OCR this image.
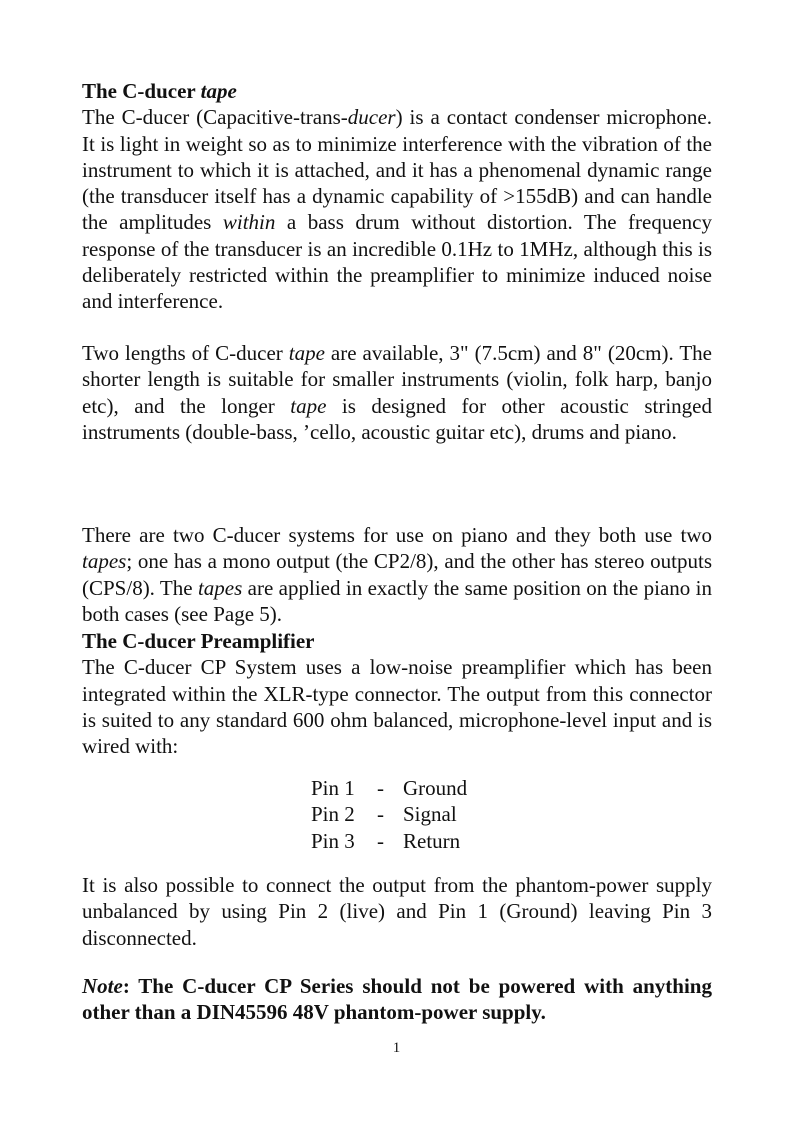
The C-ducer tape

The C-ducer (Capacitive-trans-ducer) is a contact condenser microphone. It is light in weight so as to minimize interference with the vibration of the instrument to which it is attached, and it has a phenomenal dynamic range (the transducer itself has a dynamic capability of >155dB) and can handle the amplitudes within a bass drum without distortion. The frequency response of the transducer is an incredible 0.1Hz to 1MHz, although this is deliberately restricted within the preamplifier to minimize induced noise and interference.

Two lengths of C-ducer tape are available, 3" (7.5cm) and 8" (20cm). The shorter length is suitable for smaller instruments (violin, folk harp, banjo etc), and the longer tape is designed for other acoustic stringed instruments (double-bass, ’cello, acoustic guitar etc), drums and piano.

There are two C-ducer systems for use on piano and they both use two tapes; one has a mono output (the CP2/8), and the other has stereo outputs (CPS/8). The tapes are applied in exactly the same position on the piano in both cases (see Page 5).

The C-ducer Preamplifier

The C-ducer CP System uses a low-noise preamplifier which has been integrated within the XLR-type connector. The output from this connector is suited to any standard 600 ohm balanced, microphone-level input and is wired with:

Pin 1	-	Ground
Pin 2	-	Signal
Pin 3	-	Return

It is also possible to connect the output from the phantom-power supply unbalanced by using Pin 2 (live) and Pin 1 (Ground) leaving Pin 3 disconnected.

Note: The C-ducer CP Series should not be powered with anything other than a DIN45596 48V phantom-power supply.

1
